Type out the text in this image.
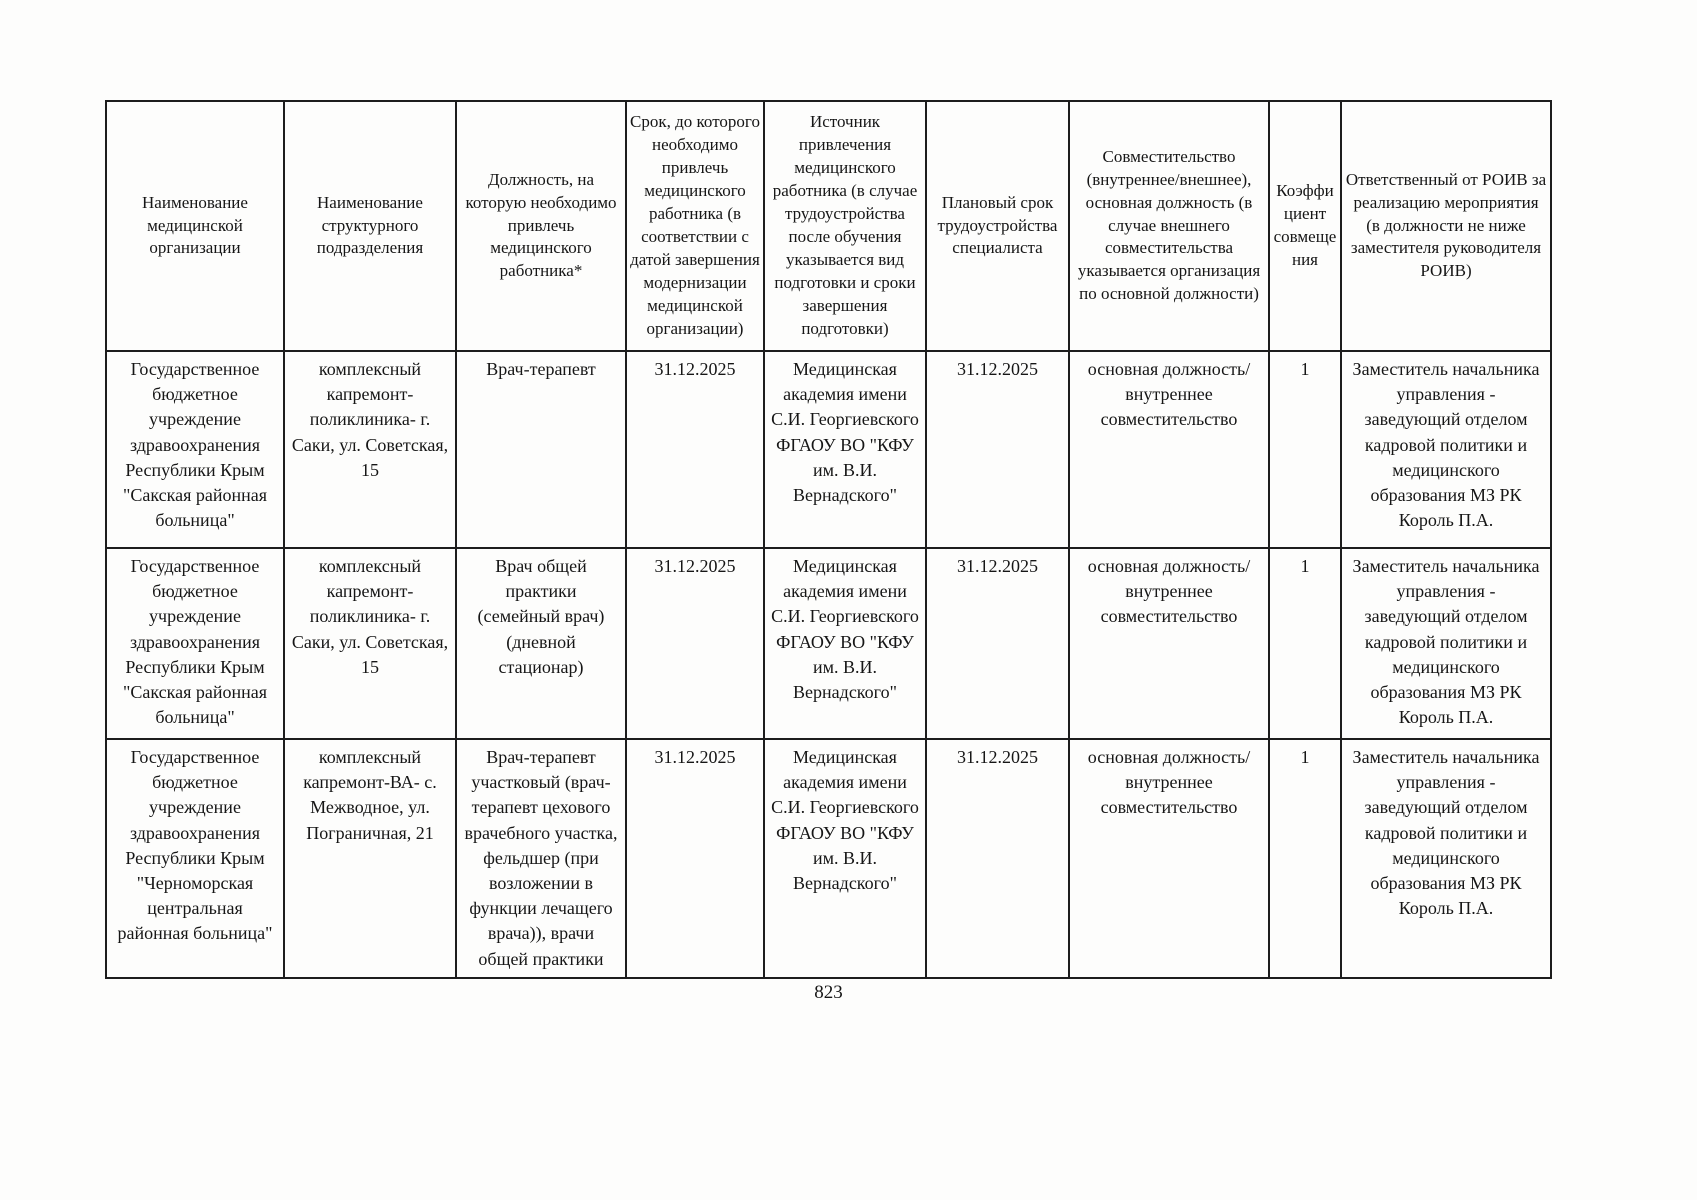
Наименование медицинской организации	Наименование структурного подразделения	Должность, на которую необходимо привлечь медицинского работника*	Срок, до которого необходимо привлечь медицинского работника (в соответствии с датой завершения модернизации медицинской организации)	Источник привлечения медицинского работника (в случае трудоустройства после обучения указывается вид подготовки и сроки завершения подготовки)	Плановый срок трудоустройства специалиста	Совместительство (внутреннее/внешнее), основная должность (в случае внешнего совместительства указывается организация по основной должности)	Коэффициент совмещения	Ответственный от РОИВ за реализацию мероприятия (в должности не ниже заместителя руководителя РОИВ)
Государственное бюджетное учреждение здравоохранения Республики Крым "Сакская районная больница"	комплексный капремонт-поликлиника- г. Саки, ул. Советская, 15	Врач-терапевт	31.12.2025	Медицинская академия имени С.И. Георгиевского ФГАОУ ВО "КФУ им. В.И. Вернадского"	31.12.2025	основная должность/ внутреннее совместительство	1	Заместитель начальника управления - заведующий отделом кадровой политики и медицинского образования МЗ РК Король П.А.
Государственное бюджетное учреждение здравоохранения Республики Крым "Сакская районная больница"	комплексный капремонт-поликлиника- г. Саки, ул. Советская, 15	Врач общей практики (семейный врач) (дневной стационар)	31.12.2025	Медицинская академия имени С.И. Георгиевского ФГАОУ ВО "КФУ им. В.И. Вернадского"	31.12.2025	основная должность/ внутреннее совместительство	1	Заместитель начальника управления - заведующий отделом кадровой политики и медицинского образования МЗ РК Король П.А.
Государственное бюджетное учреждение здравоохранения Республики Крым "Черноморская центральная районная больница"	комплексный капремонт-ВА- с. Межводное, ул. Пограничная, 21	Врач-терапевт участковый (врач-терапевт цехового врачебного участка, фельдшер (при возложении в функции лечащего врача)), врачи общей практики	31.12.2025	Медицинская академия имени С.И. Георгиевского ФГАОУ ВО "КФУ им. В.И. Вернадского"	31.12.2025	основная должность/ внутреннее совместительство	1	Заместитель начальника управления - заведующий отделом кадровой политики и медицинского образования МЗ РК Король П.А.
823
